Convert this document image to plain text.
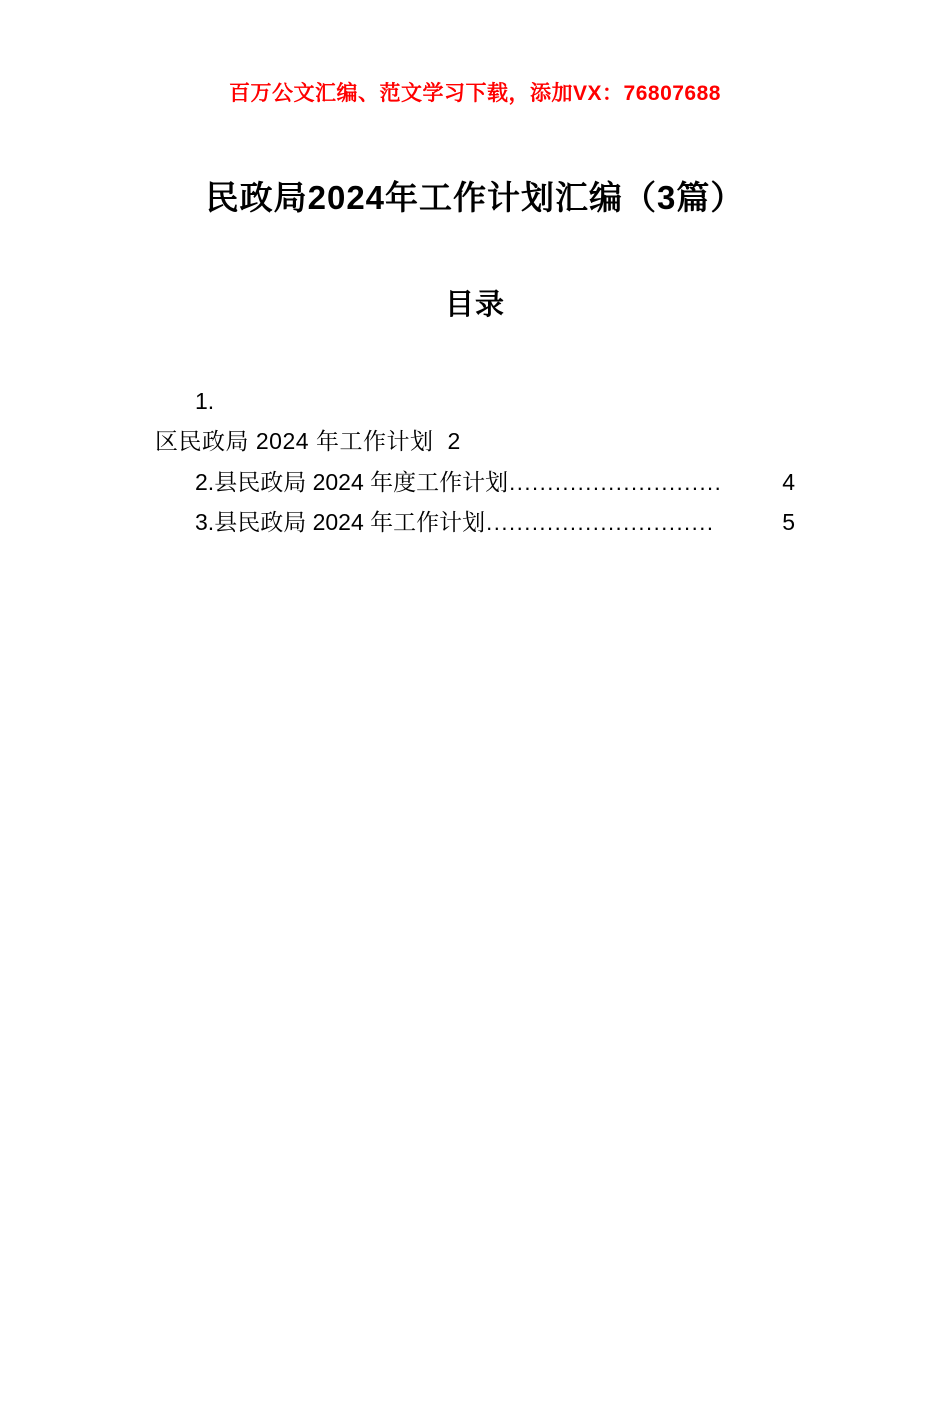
百万公文汇编、范文学习下载，添加VX：76807688
民政局2024年工作计划汇编（3篇）
目录
1.
区民政局 2024 年工作计划 2
2. 县民政局 2024 年度工作计划 ............................	4
3. 县民政局 2024 年工作计划 ..............................	5
